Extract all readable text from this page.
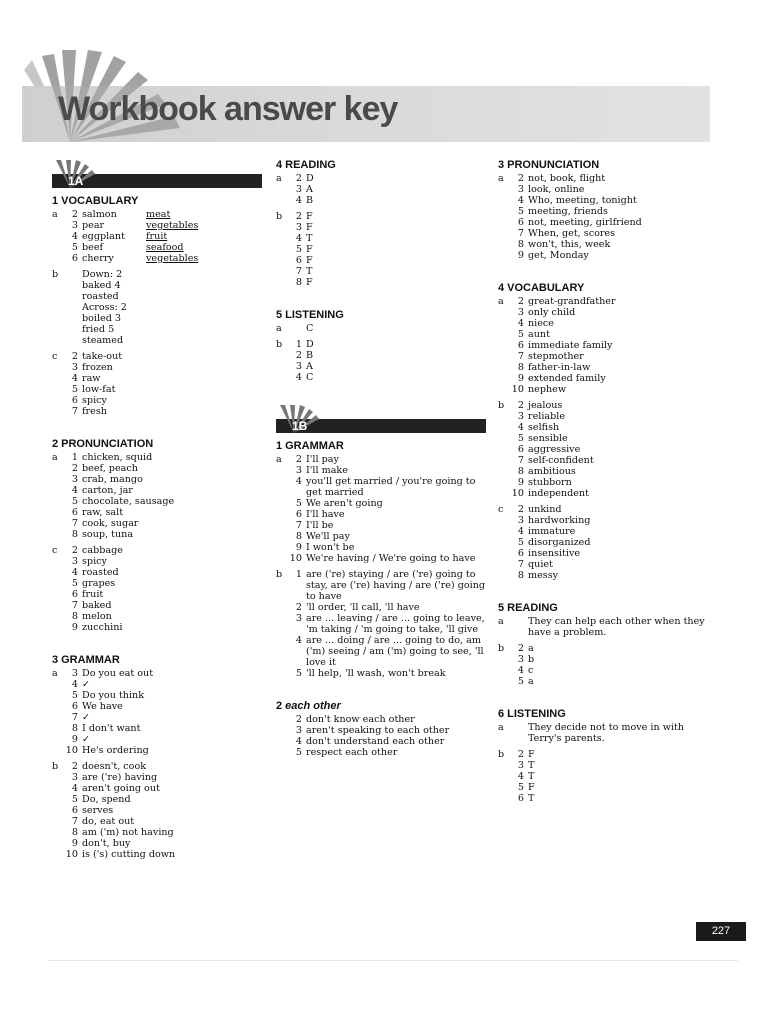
Workbook answer key
1A
1 VOCABULARY
a	2 salmon	meat
3 pear	vegetables
4 eggplant	fruit
5 beef	seafood
6 cherry	vegetables
b	Down: 2 baked 4 roasted
Across: 2 boiled 3 fried 5 steamed
c	2 take-out
3 frozen
4 raw
5 low-fat
6 spicy
7 fresh
2 PRONUNCIATION
a	1 chicken, squid
2 beef, peach
3 crab, mango
4 carton, jar
5 chocolate, sausage
6 raw, salt
7 cook, sugar
8 soup, tuna
c	2 cabbage
3 spicy
4 roasted
5 grapes
6 fruit
7 baked
8 melon
9 zucchini
3 GRAMMAR
a	3 Do you eat out
4 ✓
5 Do you think
6 We have
7 ✓
8 I don't want
9 ✓
10 He's ordering
b	2 doesn't, cook
3 are ('re) having
4 aren't going out
5 Do, spend
6 serves
7 do, eat out
8 am ('m) not having
9 don't, buy
10 is ('s) cutting down
4 READING
a	2 D
3 A
4 B
b	2 F
3 F
4 T
5 F
6 F
7 T
8 F
5 LISTENING
a	C
b	1 D
2 B
3 A
4 C
1B
1 GRAMMAR
a	2 I'll pay
3 I'll make
4 you'll get married / you're going to get married
5 We aren't going
6 I'll have
7 I'll be
8 We'll pay
9 I won't be
10 We're having / We're going to have
b	1 are ('re) staying / are ('re) going to stay, are ('re) having / are ('re) going to have
2 'll order, 'll call, 'll have
3 are ... leaving / are ... going to leave, 'm taking / 'm going to take, 'll give
4 are ... doing / are ... going to do, am ('m) seeing / am ('m) going to see, 'll love it
5 'll help, 'll wash, won't break
2 each other
2 don't know each other
3 aren't speaking to each other
4 don't understand each other
5 respect each other
3 PRONUNCIATION
a	2 not, book, flight
3 look, online
4 Who, meeting, tonight
5 meeting, friends
6 not, meeting, girlfriend
7 When, get, scores
8 won't, this, week
9 get, Monday
4 VOCABULARY
a	2 great-grandfather
3 only child
4 niece
5 aunt
6 immediate family
7 stepmother
8 father-in-law
9 extended family
10 nephew
b	2 jealous
3 reliable
4 selfish
5 sensible
6 aggressive
7 self-confident
8 ambitious
9 stubborn
10 independent
c	2 unkind
3 hardworking
4 immature
5 disorganized
6 insensitive
7 quiet
8 messy
5 READING
a	They can help each other when they have a problem.
b	2 a
3 b
4 c
5 a
6 LISTENING
a	They decide not to move in with Terry's parents.
b	2 F
3 T
4 T
5 F
6 T
227
